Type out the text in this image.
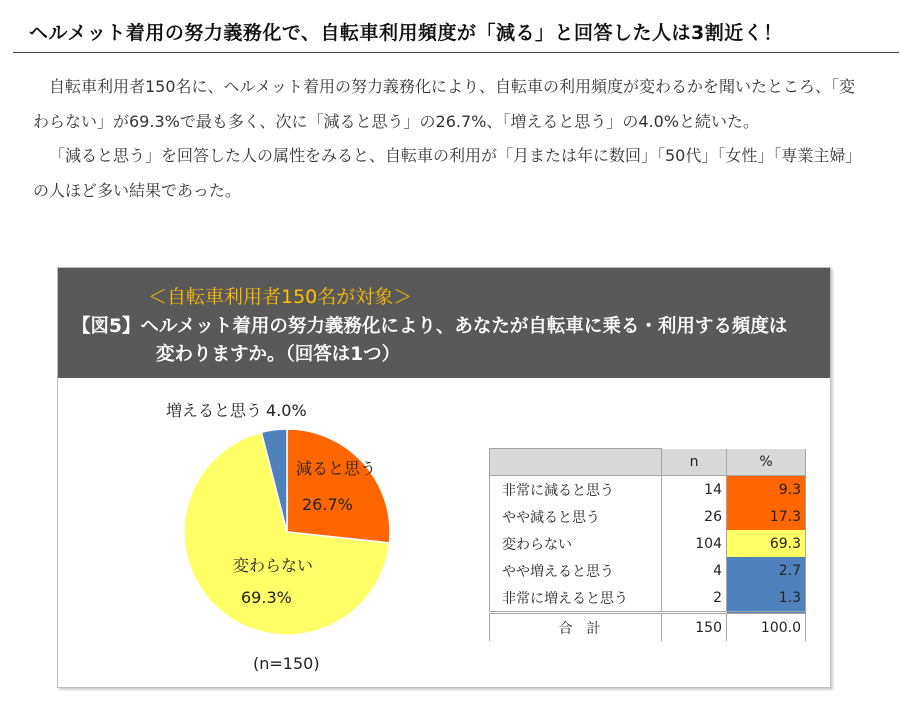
ヘルメット着用の努力義務化で、自転車利用頻度が「減る」と回答した人は3割近く！

自転車利用者150名に、ヘルメット着用の努力義務化により、自転車の利用頻度が変わるかを聞いたところ、「変わらない」が69.3%で最も多く、次に「減ると思う」の26.7%、「増えると思う」の4.0%と続いた。

「減ると思う」を回答した人の属性をみると、自転車の利用が「月または年に数回」「50代」「女性」「専業主婦」の人ほど多い結果であった。

＜自転車利用者150名が対象＞
【図5】ヘルメット着用の努力義務化により、あなたが自転車に乗る・利用する頻度は
変わりますか。（回答は1つ）
増えると思う 4.0%
減ると思う
26.7%
変わらない
69.3%
(n=150)
	n	%
非常に減ると思う	14	9.3
やや減ると思う	26	17.3
変わらない	104	69.3
やや増えると思う	4	2.7
非常に増えると思う	2	1.3
合　計	150	100.0
